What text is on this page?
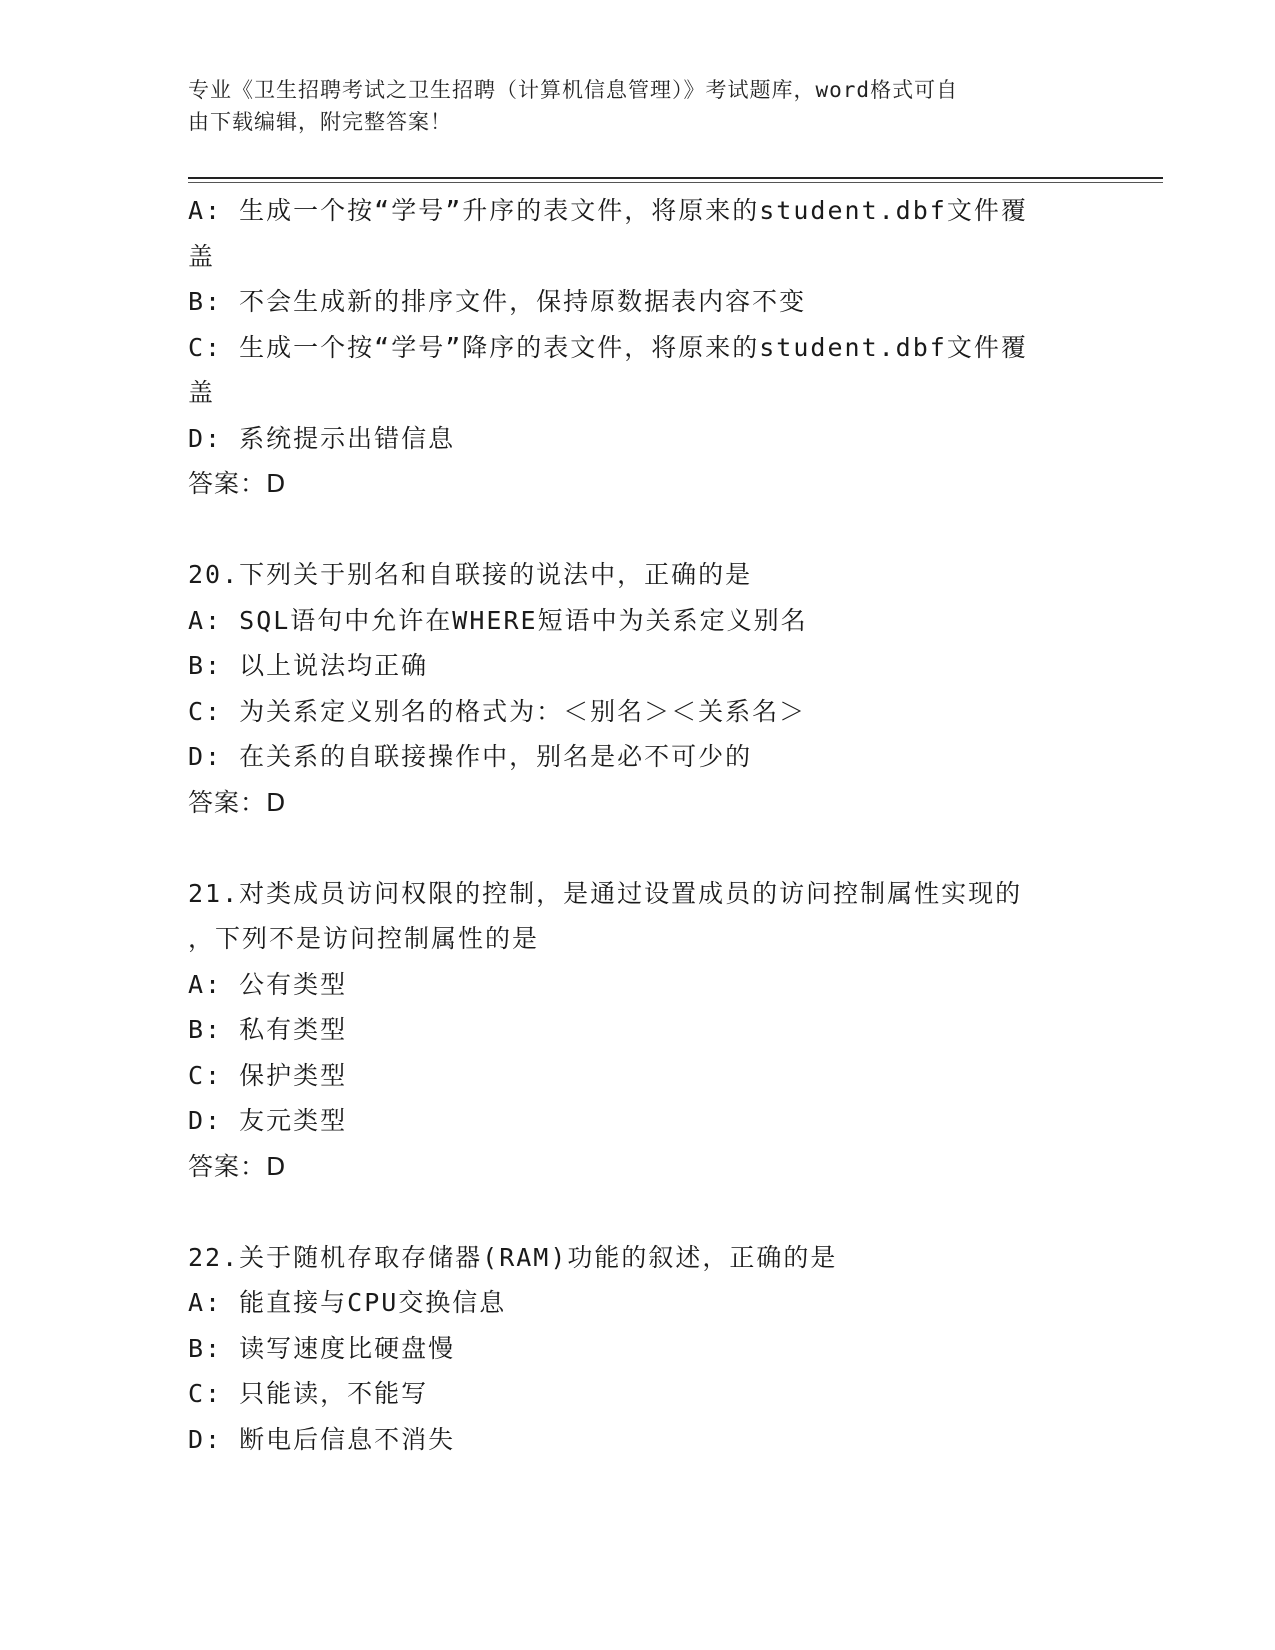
专业《卫生招聘考试之卫生招聘（计算机信息管理）》考试题库，word格式可自
由下载编辑，附完整答案！
A: 生成一个按“学号”升序的表文件，将原来的student.dbf文件覆
盖
B: 不会生成新的排序文件，保持原数据表内容不变
C: 生成一个按“学号”降序的表文件，将原来的student.dbf文件覆
盖
D: 系统提示出错信息
答案：D
20.下列关于别名和自联接的说法中，正确的是
A: SQL语句中允许在WHERE短语中为关系定义别名
B: 以上说法均正确
C: 为关系定义别名的格式为：＜别名＞＜关系名＞
D: 在关系的自联接操作中，别名是必不可少的
答案：D
21.对类成员访问权限的控制，是通过设置成员的访问控制属性实现的
，下列不是访问控制属性的是
A: 公有类型
B: 私有类型
C: 保护类型
D: 友元类型
答案：D
22.关于随机存取存储器(RAM)功能的叙述，正确的是
A: 能直接与CPU交换信息
B: 读写速度比硬盘慢
C: 只能读，不能写
D: 断电后信息不消失
